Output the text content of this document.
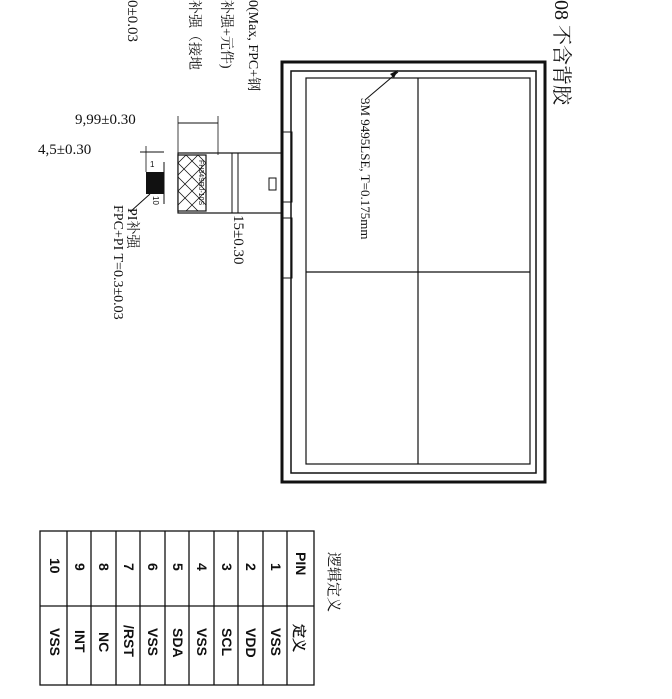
08 不含背胶
0(Max, FPC+钢
补强+元件)
补强（接地
0±0.03
3M 9495LSE, T=0.175mm
9,99±0.30
4,5±0.30
15±0.30
1
10	FH34SRJ-10S
PI补强
FPC+PI T=0.3±0.03
逻辑定义
PIN
定义
1
VSS
2
VDD
3
SCL
4
VSS
5
SDA
6
VSS
7
/RST
8
NC
9
INT
10
VSS
